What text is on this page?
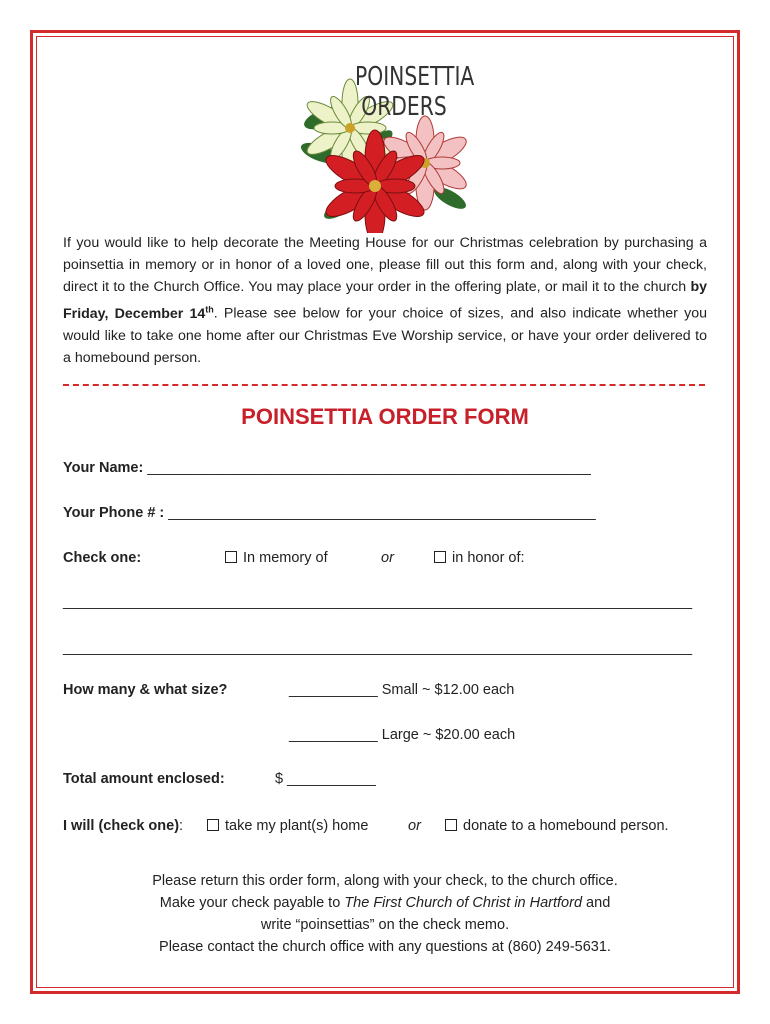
POINSETTIA
ORDERS
If you would like to help decorate the Meeting House for our Christmas celebration by purchasing a poinsettia in memory or in honor of a loved one, please fill out this form and, along with your check, direct it to the Church Office. You may place your order in the offering plate, or mail it to the church by Friday, December 14th. Please see below for your choice of sizes, and also indicate whether you would like to take one home after our Christmas Eve Worship service, or have your order delivered to a homebound person.
POINSETTIA ORDER FORM
Your Name: _______________________________________________________
Your Phone # : _____________________________________________________
Check one:	In memory of	or	in honor of:
______________________________________________________________________________
______________________________________________________________________________
How many & what size?	___________ Small ~ $12.00 each
___________ Large ~ $20.00 each
Total amount enclosed:	$ ___________
I will (check one):	take my plant(s) home	or	donate to a homebound person.
Please return this order form, along with your check, to the church office.
Make your check payable to The First Church of Christ in Hartford and
write “poinsettias” on the check memo.
Please contact the church office with any questions at (860) 249-5631.
